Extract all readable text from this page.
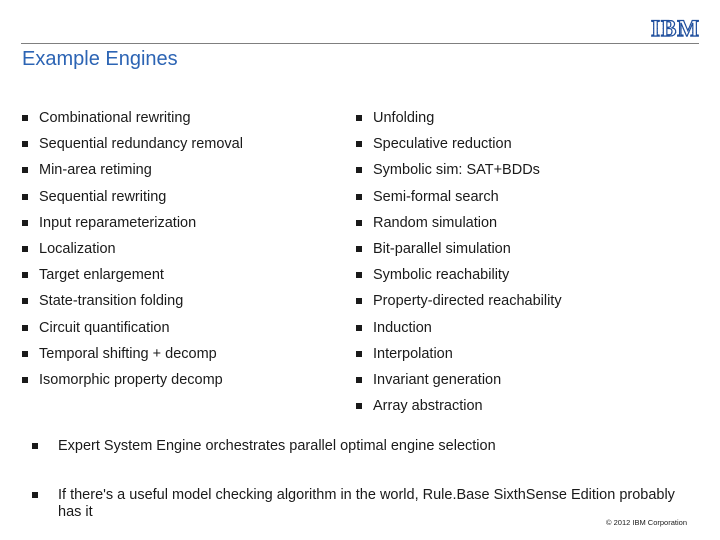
IBM
Example Engines
Combinational rewriting
Sequential redundancy removal
Min-area retiming
Sequential rewriting
Input reparameterization
Localization
Target enlargement
State-transition folding
Circuit quantification
Temporal shifting + decomp
Isomorphic property decomp
Unfolding
Speculative reduction
Symbolic sim: SAT+BDDs
Semi-formal search
Random simulation
Bit-parallel simulation
Symbolic reachability
Property-directed reachability
Induction
Interpolation
Invariant generation
Array abstraction
Expert System Engine orchestrates parallel optimal engine selection
If there's a useful model checking algorithm in the world, Rule.Base SixthSense Edition probably has it
© 2012 IBM Corporation
